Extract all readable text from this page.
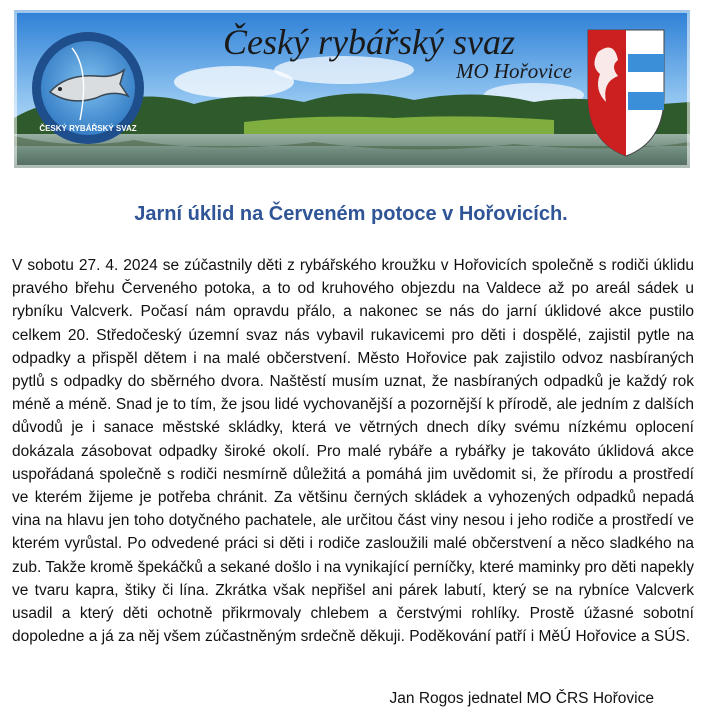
ČESKÝ RYBÁŘSKÝ SVAZ
Český rybářský svaz
MO Hořovice
Jarní úklid na Červeném potoce v Hořovicích.

V sobotu 27. 4. 2024 se zúčastnily děti z rybářského kroužku v Hořovicích společně s rodiči úklidu pravého břehu Červeného potoka, a to od kruhového objezdu na Valdece až po areál sádek u rybníku Valcverk. Počasí nám opravdu přálo, a nakonec se nás do jarní úklidové akce pustilo celkem 20. Středočeský územní svaz nás vybavil rukavicemi pro děti i dospělé, zajistil pytle na odpadky a přispěl dětem i na malé občerstvení. Město Hořovice pak zajistilo odvoz nasbíraných pytlů s odpadky do sběrného dvora. Naštěstí musím uznat, že nasbíraných odpadků je každý rok méně a méně. Snad je to tím, že jsou lidé vychovanější a pozornější k přírodě, ale jedním z dalších důvodů je i sanace městské skládky, která ve větrných dnech díky svému nízkému oplocení dokázala zásobovat odpadky široké okolí. Pro malé rybáře a rybářky je takováto úklidová akce uspořádaná společně s rodiči nesmírně důležitá a pomáhá jim uvědomit si, že přírodu a prostředí ve kterém žijeme je potřeba chránit. Za většinu černých skládek a vyhozených odpadků nepadá vina na hlavu jen toho dotyčného pachatele, ale určitou část viny nesou i jeho rodiče a prostředí ve kterém vyrůstal. Po odvedené práci si děti i rodiče zasloužili malé občerstvení a něco sladkého na zub. Takže kromě špekáčků a sekané došlo i na vynikající perníčky, které maminky pro děti napekly ve tvaru kapra, štiky či lína. Zkrátka však nepřišel ani párek labutí, který se na rybníce Valcverk usadil a který děti ochotně přikrmovaly chlebem a čerstvými rohlíky. Prostě úžasné sobotní dopoledne a já za něj všem zúčastněným srdečně děkuji. Poděkování patří i MěÚ Hořovice a SÚS.

Jan Rogos jednatel MO ČRS Hořovice
